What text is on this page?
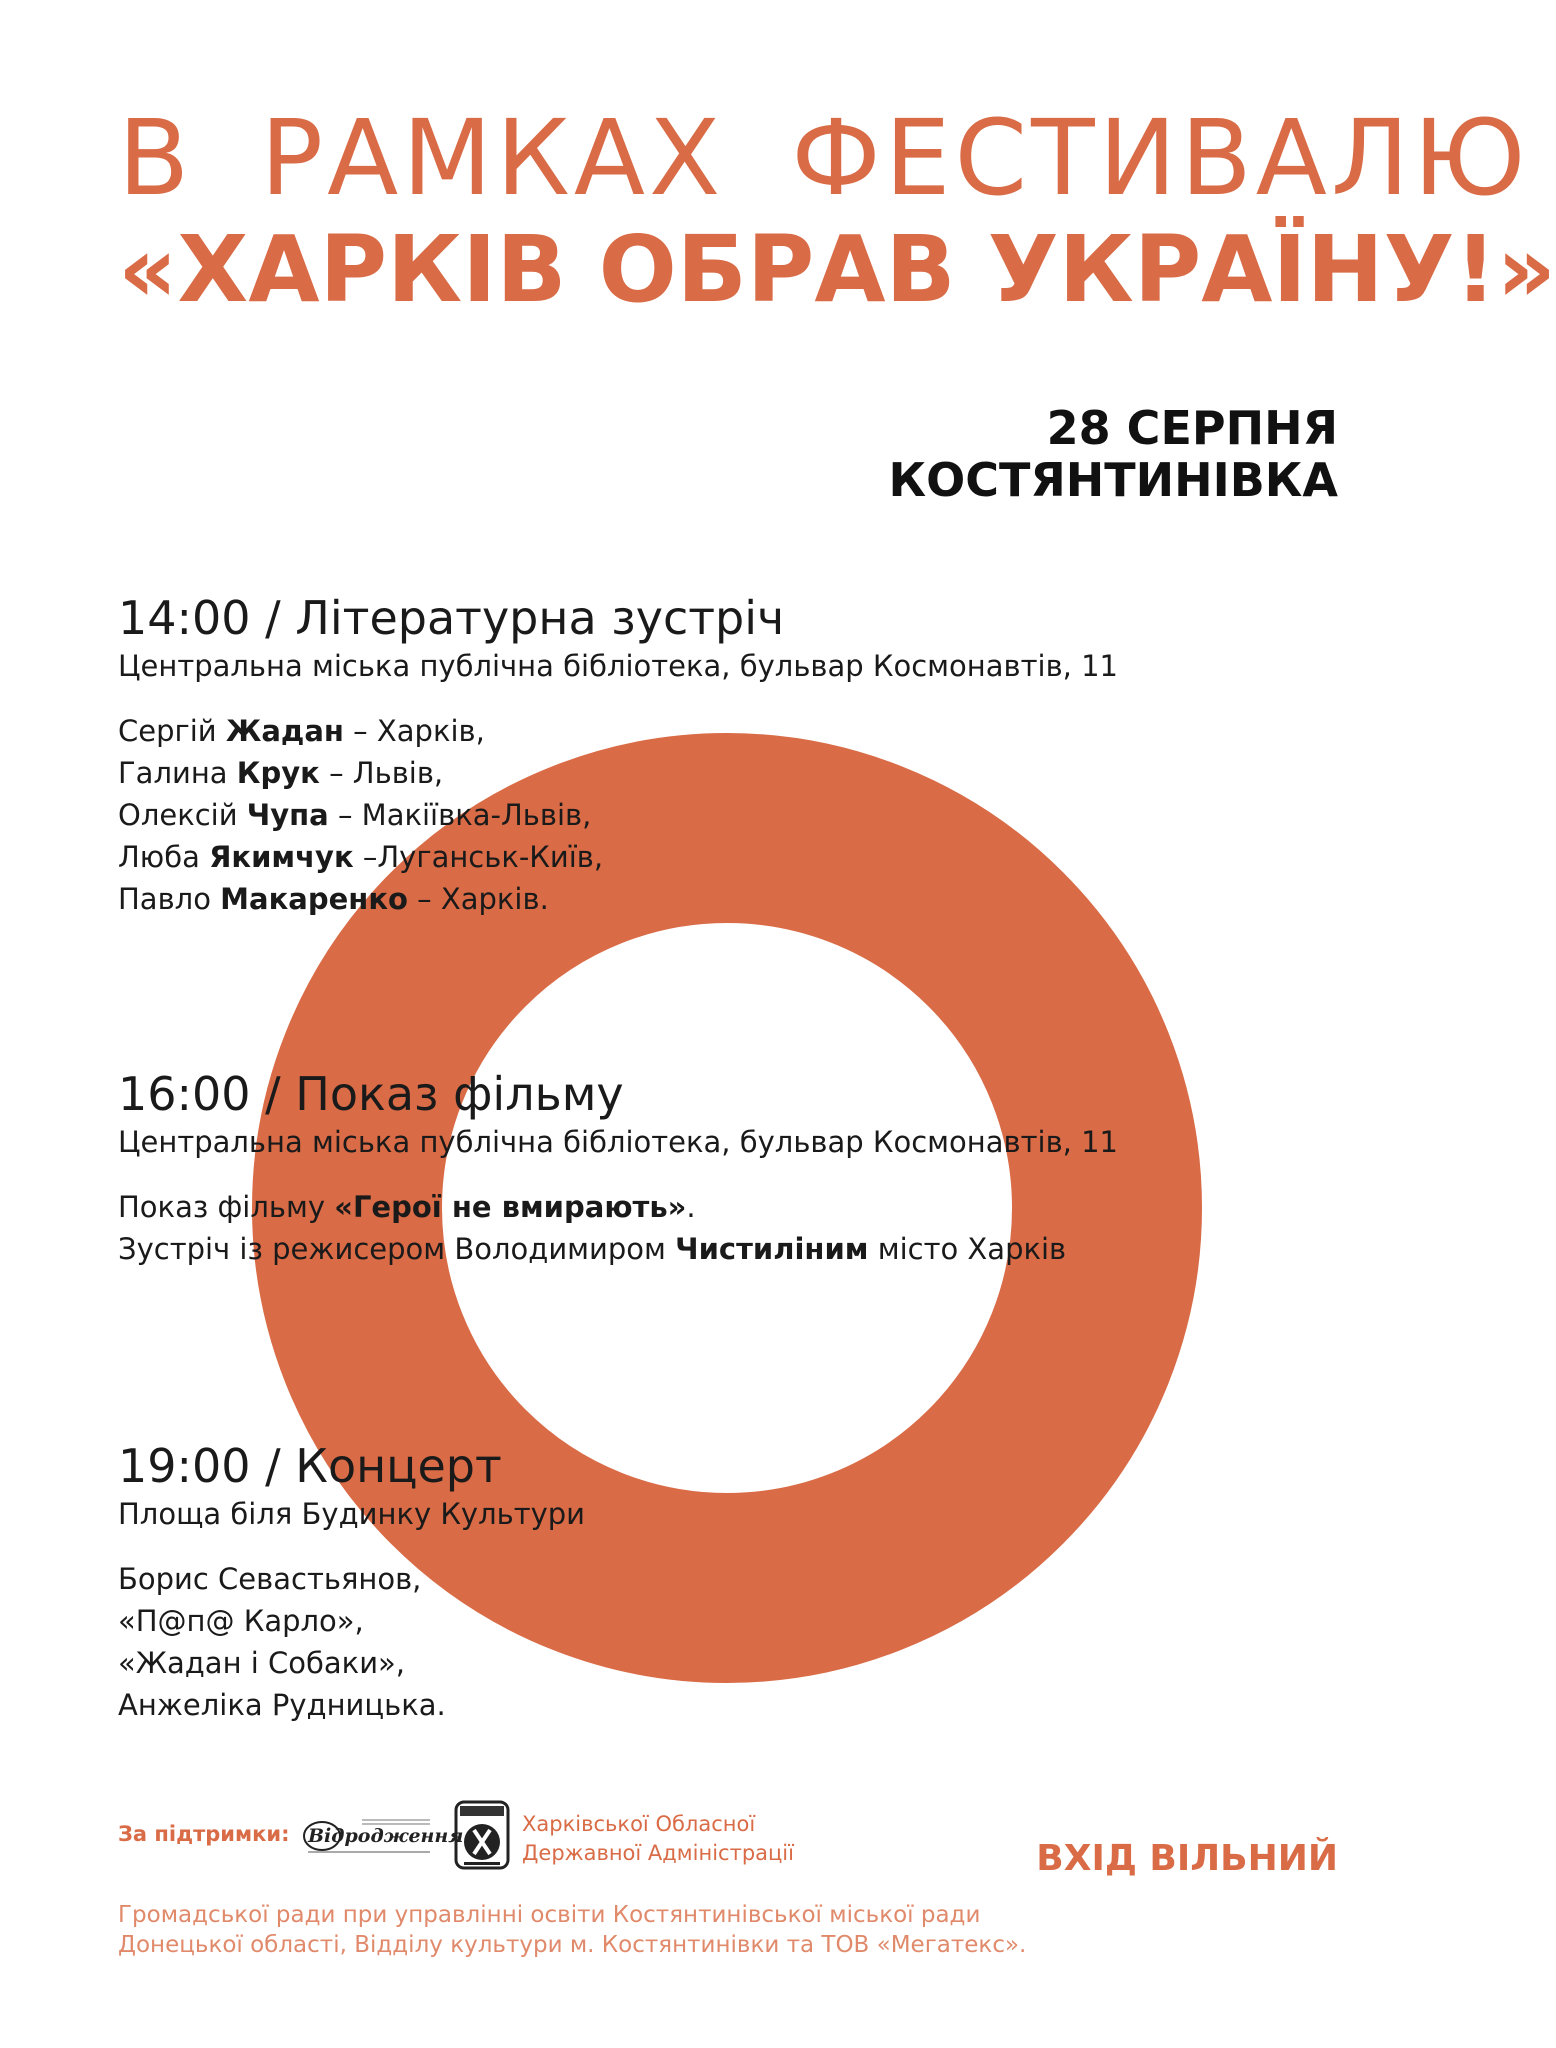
В РАМКАХ ФЕСТИВАЛЮ
«ХАРКІВ ОБРАВ УКРАЇНУ!»
28 СЕРПНЯ
КОСТЯНТИНІВКА
14:00 / Літературна зустріч
Центральна міська публічна бібліотека, бульвар Космонавтів, 11
Сергій Жадан – Харків,
Галина Крук – Львів,
Олексій Чупа – Макіївка-Львів,
Люба Якимчук –Луганськ-Київ,
Павло Макаренко – Харків.
16:00 / Показ фільму
Центральна міська публічна бібліотека, бульвар Космонавтів, 11
Показ фільму «Герої не вмирають».
Зустріч із режисером Володимиром Чистиліним місто Харків
19:00 / Концерт
Площа біля Будинку Культури
Борис Севастьянов,
«П@п@ Карло»,
«Жадан і Собаки»,
Анжеліка Рудницька.
За підтримки: Відродження	Харківської Обласної
Державної Адміністрації	ВХІД ВІЛЬНИЙ
Громадської ради при управлінні освіти Костянтинівської міської ради
Донецької області, Відділу культури м. Костянтинівки та ТОВ «Мегатекс».
